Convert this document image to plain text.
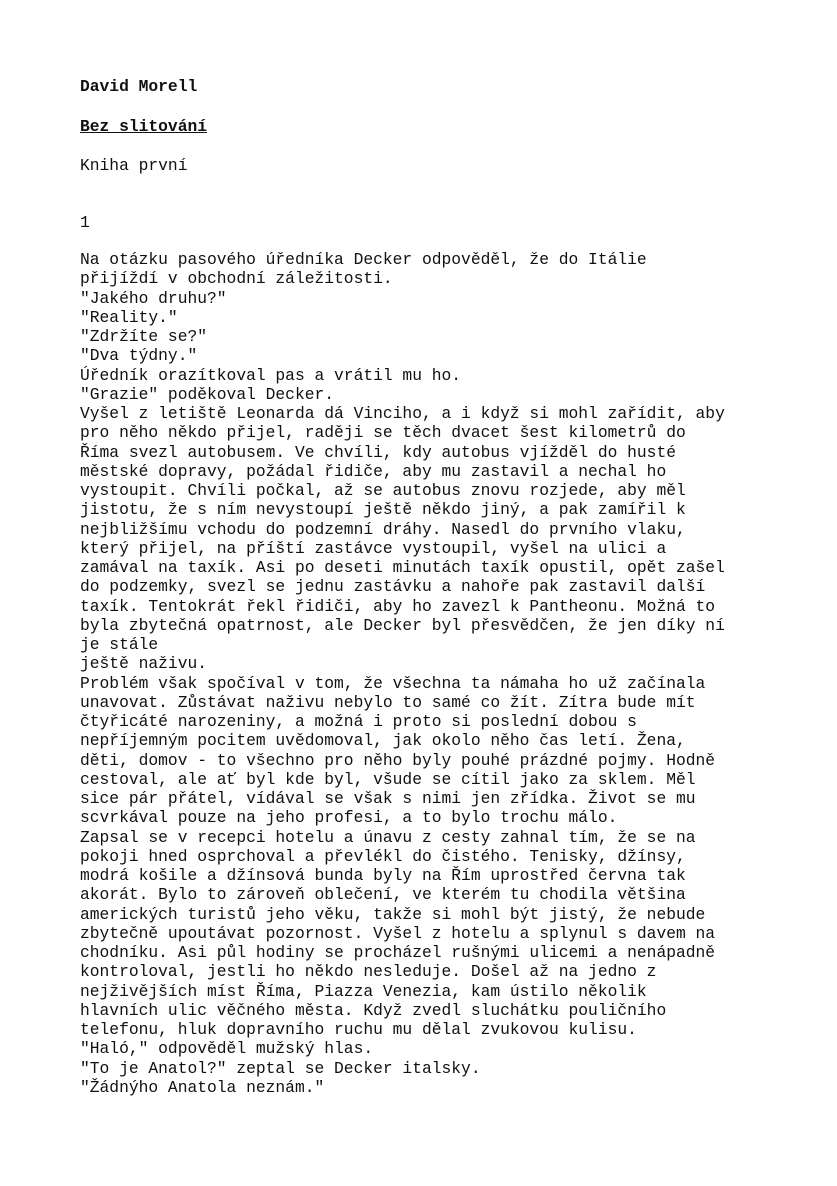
David Morell

Bez slitování

Kniha první

1

Na otázku pasového úředníka Decker odpověděl, že do Itálie
přijíždí v obchodní záležitosti.
"Jakého druhu?"
"Reality."
"Zdržíte se?"
"Dva týdny."
Úředník orazítkoval pas a vrátil mu ho.
"Grazie" poděkoval Decker.
Vyšel z letiště Leonarda dá Vinciho, a i když si mohl zařídit, aby
pro něho někdo přijel, raději se těch dvacet šest kilometrů do
Říma svezl autobusem. Ve chvíli, kdy autobus vjížděl do husté
městské dopravy, požádal řidiče, aby mu zastavil a nechal ho
vystoupit. Chvíli počkal, až se autobus znovu rozjede, aby měl
jistotu, že s ním nevystoupí ještě někdo jiný, a pak zamířil k
nejbližšímu vchodu do podzemní dráhy. Nasedl do prvního vlaku,
který přijel, na příští zastávce vystoupil, vyšel na ulici a
zamával na taxík. Asi po deseti minutách taxík opustil, opět zašel
do podzemky, svezl se jednu zastávku a nahoře pak zastavil další
taxík. Tentokrát řekl řidiči, aby ho zavezl k Pantheonu. Možná to
byla zbytečná opatrnost, ale Decker byl přesvědčen, že jen díky ní
je stále
ještě naživu.
Problém však spočíval v tom, že všechna ta námaha ho už začínala
unavovat. Zůstávat naživu nebylo to samé co žít. Zítra bude mít
čtyřicáté narozeniny, a možná i proto si poslední dobou s
nepříjemným pocitem uvědomoval, jak okolo něho čas letí. Žena,
děti, domov - to všechno pro něho byly pouhé prázdné pojmy. Hodně
cestoval, ale ať byl kde byl, všude se cítil jako za sklem. Měl
sice pár přátel, vídával se však s nimi jen zřídka. Život se mu
scvrkával pouze na jeho profesi, a to bylo trochu málo.
Zapsal se v recepci hotelu a únavu z cesty zahnal tím, že se na
pokoji hned osprchoval a převlékl do čistého. Tenisky, džínsy,
modrá košile a džínsová bunda byly na Řím uprostřed června tak
akorát. Bylo to zároveň oblečení, ve kterém tu chodila většina
amerických turistů jeho věku, takže si mohl být jistý, že nebude
zbytečně upoutávat pozornost. Vyšel z hotelu a splynul s davem na
chodníku. Asi půl hodiny se procházel rušnými ulicemi a nenápadně
kontroloval, jestli ho někdo nesleduje. Došel až na jedno z
nejživějších míst Říma, Piazza Venezia, kam ústilo několik
hlavních ulic věčného města. Když zvedl sluchátku pouličního
telefonu, hluk dopravního ruchu mu dělal zvukovou kulisu.
"Haló," odpověděl mužský hlas.
"To je Anatol?" zeptal se Decker italsky.
"Žádnýho Anatola neznám."
